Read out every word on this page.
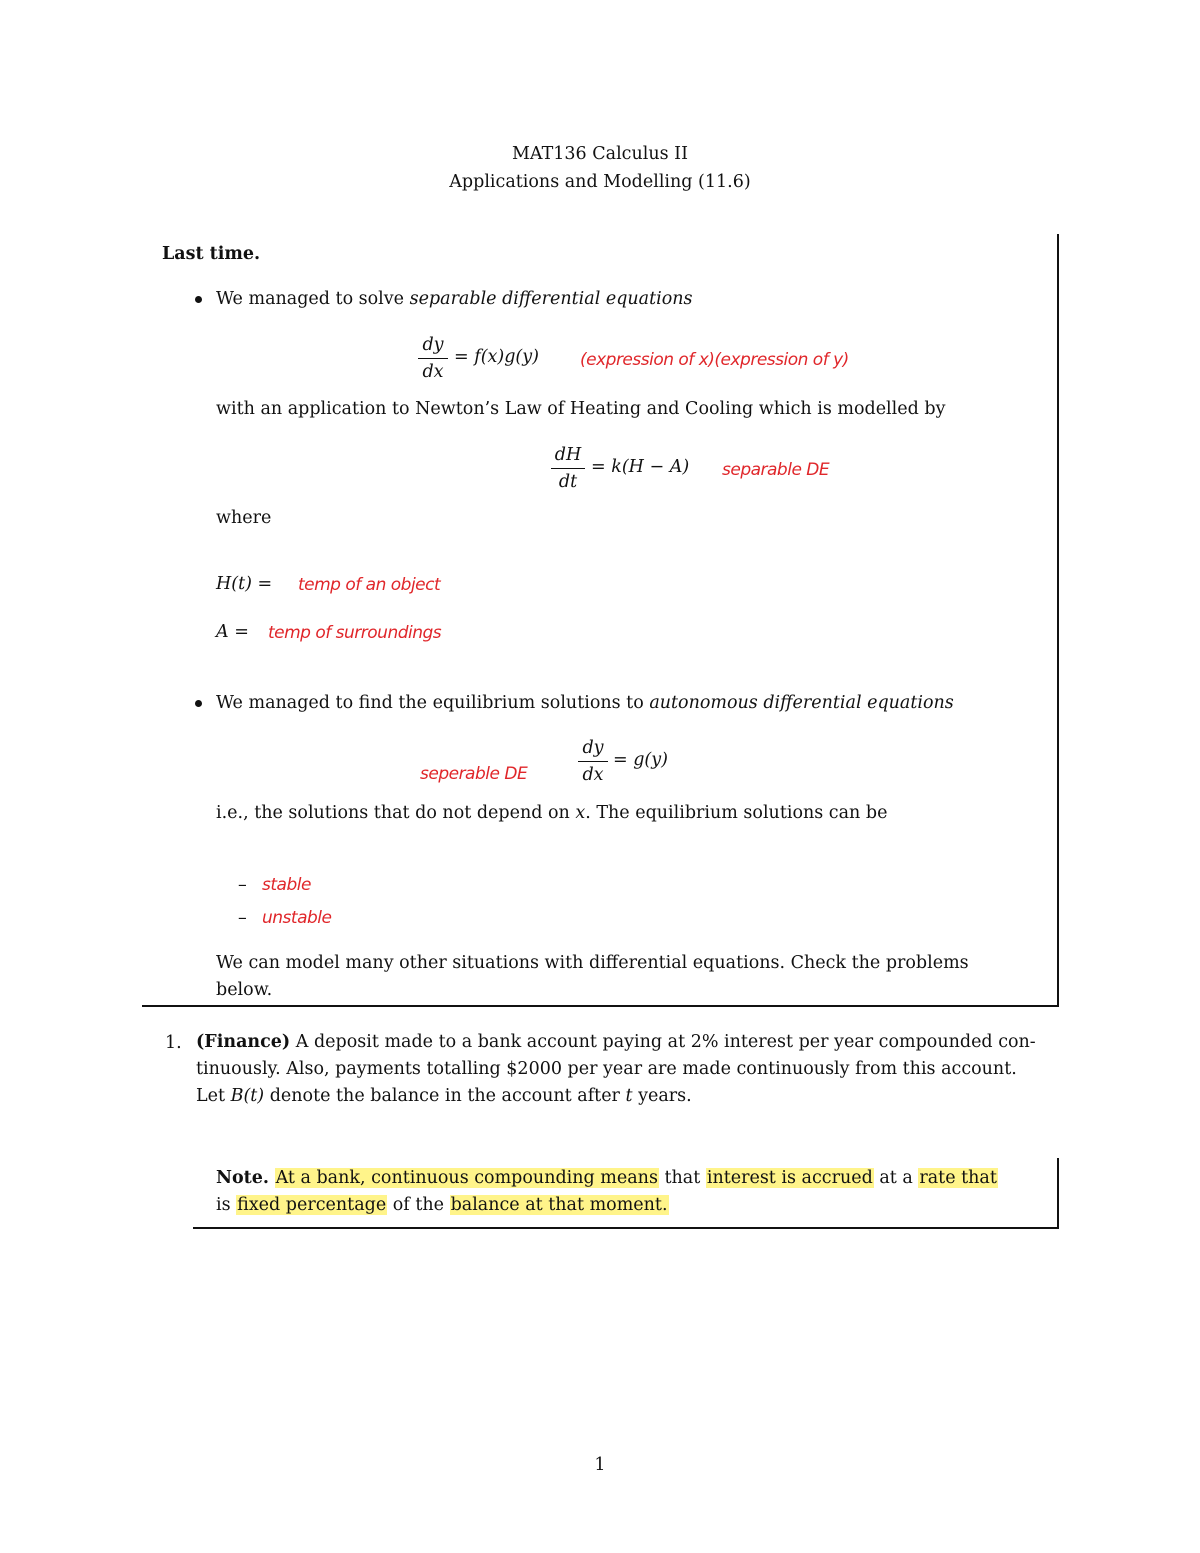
MAT136 Calculus II
Applications and Modelling (11.6)
Last time.
We managed to solve separable differential equations
dy
dx
= f(x)g(y) (expression of x)(expression of y)
with an application to Newton’s Law of Heating and Cooling which is modelled by
dH
dt
= k(H − A) separable DE
where
H(t) = temp of an object
A = temp of surroundings
We managed to find the equilibrium solutions to autonomous differential equations
seperable DE
dy
dx
= g(y)
i.e., the solutions that do not depend on x. The equilibrium solutions can be
– stable
– unstable
We can model many other situations with differential equations. Check the problems
below.
1. (Finance) A deposit made to a bank account paying at 2% interest per year compounded con-
tinuously. Also, payments totalling $2000 per year are made continuously from this account.
Let B(t) denote the balance in the account after t years.
Note. At a bank, continuous compounding means that interest is accrued at a rate that
is fixed percentage of the balance at that moment.
1
